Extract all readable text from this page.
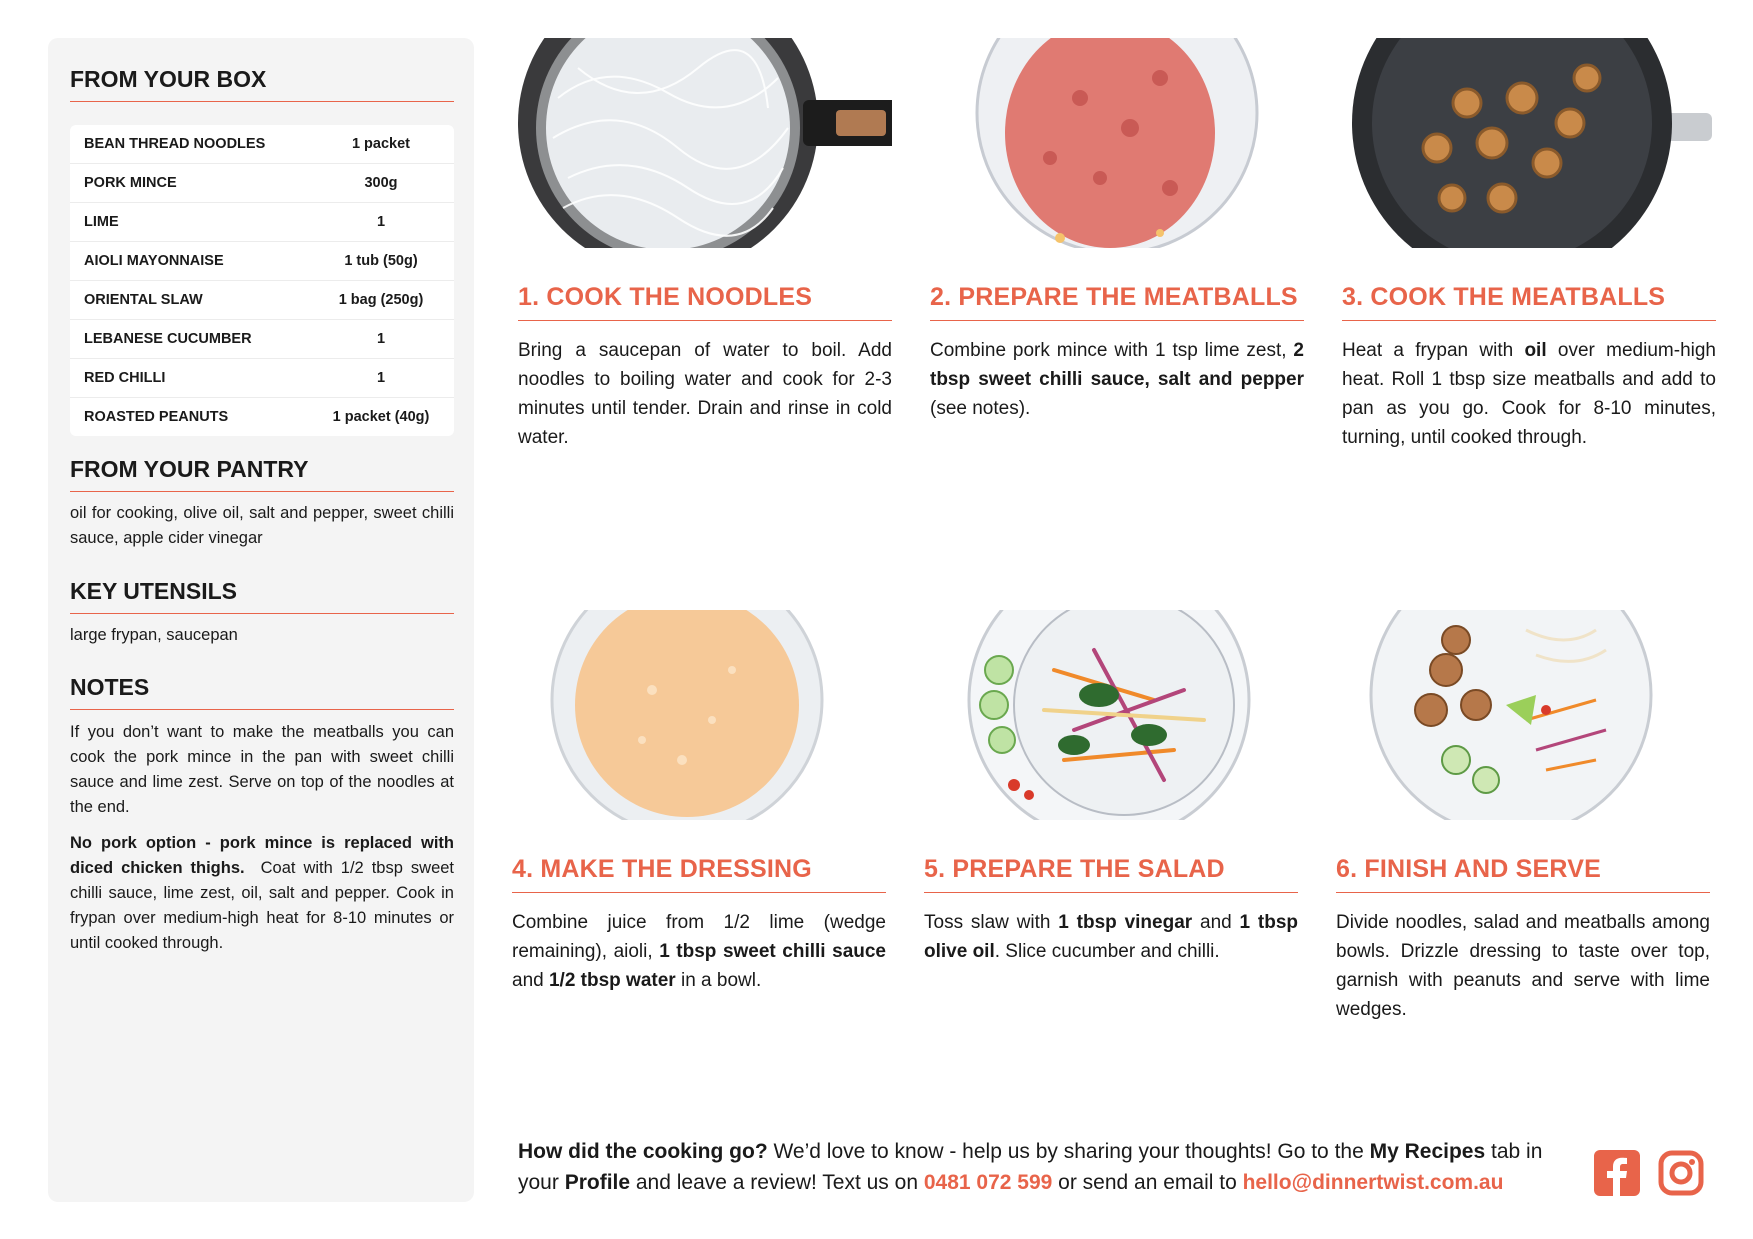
FROM YOUR BOX
BEAN THREAD NOODLES	1 packet
PORK MINCE	300g
LIME	1
AIOLI MAYONNAISE	1 tub (50g)
ORIENTAL SLAW	1 bag (250g)
LEBANESE CUCUMBER	1
RED CHILLI	1
ROASTED PEANUTS	1 packet (40g)
FROM YOUR PANTRY
oil for cooking, olive oil, salt and pepper, sweet chilli sauce, apple cider vinegar
KEY UTENSILS
large frypan, saucepan
NOTES
If you don’t want to make the meatballs you can cook the pork mince in the pan with sweet chilli sauce and lime zest. Serve on top of the noodles at the end.
No pork option - pork mince is replaced with diced chicken thighs. Coat with 1/2 tbsp sweet chilli sauce, lime zest, oil, salt and pepper. Cook in frypan over medium-high heat for 8-10 minutes or until cooked through.
1. COOK THE NOODLES
Bring a saucepan of water to boil. Add noodles to boiling water and cook for 2-3 minutes until tender. Drain and rinse in cold water.
2. PREPARE THE MEATBALLS
Combine pork mince with 1 tsp lime zest, 2 tbsp sweet chilli sauce, salt and pepper (see notes).
3. COOK THE MEATBALLS
Heat a frypan with oil over medium-high heat. Roll 1 tbsp size meatballs and add to pan as you go. Cook for 8-10 minutes, turning, until cooked through.
4. MAKE THE DRESSING
Combine juice from 1/2 lime (wedge remaining), aioli, 1 tbsp sweet chilli sauce and 1/2 tbsp water in a bowl.
5. PREPARE THE SALAD
Toss slaw with 1 tbsp vinegar and 1 tbsp olive oil. Slice cucumber and chilli.
6. FINISH AND SERVE
Divide noodles, salad and meatballs among bowls. Drizzle dressing to taste over top, garnish with peanuts and serve with lime wedges.
How did the cooking go? We’d love to know - help us by sharing your thoughts! Go to the My Recipes tab in your Profile and leave a review! Text us on 0481 072 599 or send an email to hello@dinnertwist.com.au
